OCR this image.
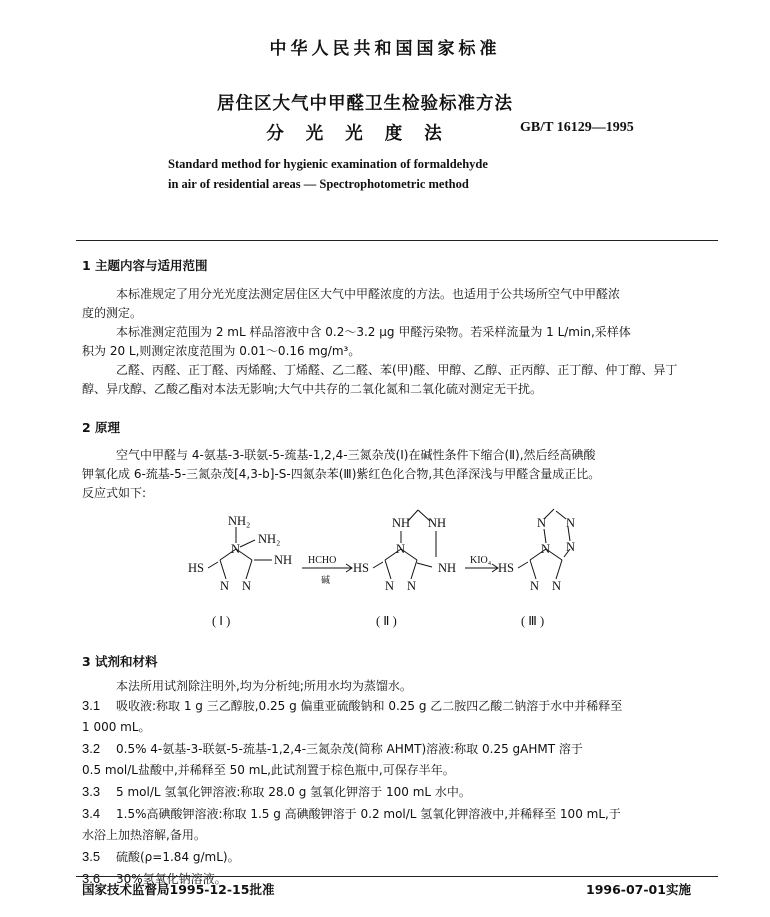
中华人民共和国国家标准
居住区大气中甲醛卫生检验标准方法
分光光度法	GB/T 16129—1995
Standard method for hygienic examination of formaldehyde
in air of residential areas — Spectrophotometric method
1 主题内容与适用范围
本标准规定了用分光光度法测定居住区大气中甲醛浓度的方法。也适用于公共场所空气中甲醛浓
度的测定。
本标准测定范围为 2 mL 样品溶液中含 0.2～3.2 μg 甲醛污染物。若采样流量为 1 L/min,采样体
积为 20 L,则测定浓度范围为 0.01～0.16 mg/m³。
乙醛、丙醛、正丁醛、丙烯醛、丁烯醛、乙二醛、苯(甲)醛、甲醇、乙醇、正丙醇、正丁醇、仲丁醇、异丁
醇、异戊醇、乙酸乙酯对本法无影响;大气中共存的二氧化氮和二氧化硫对测定无干扰。
2 原理
空气中甲醛与 4-氨基-3-联氨-5-巯基-1,2,4-三氮杂茂(Ⅰ)在碱性条件下缩合(Ⅱ),然后经高碘酸
钾氧化成 6-巯基-5-三氮杂茂[4,3-b]-S-四氮杂苯(Ⅲ)紫红色化合物,其色泽深浅与甲醛含量成正比。
反应式如下:
NH₂
NH₂
N
NH
HS
N N
( Ⅰ )
HCHO
碱
NH NH
N
NH
HS
N N
( Ⅱ )
KIO₄
N N
N
N
HS
N N
( Ⅲ )
3 试剂和材料
本法所用试剂除注明外,均为分析纯;所用水均为蒸馏水。
3.1 吸收液:称取 1 g 三乙醇胺,0.25 g 偏重亚硫酸钠和 0.25 g 乙二胺四乙酸二钠溶于水中并稀释至
1 000 mL。
3.2 0.5% 4-氨基-3-联氨-5-巯基-1,2,4-三氮杂茂(简称 AHMT)溶液:称取 0.25 gAHMT 溶于
0.5 mol/L盐酸中,并稀释至 50 mL,此试剂置于棕色瓶中,可保存半年。
3.3 5 mol/L 氢氧化钾溶液:称取 28.0 g 氢氧化钾溶于 100 mL 水中。
3.4 1.5%高碘酸钾溶液:称取 1.5 g 高碘酸钾溶于 0.2 mol/L 氢氧化钾溶液中,并稀释至 100 mL,于
水浴上加热溶解,备用。
3.5 硫酸(ρ=1.84 g/mL)。
3.6 30%氢氧化钠溶液。
国家技术监督局1995-12-15批准	1996-07-01实施
